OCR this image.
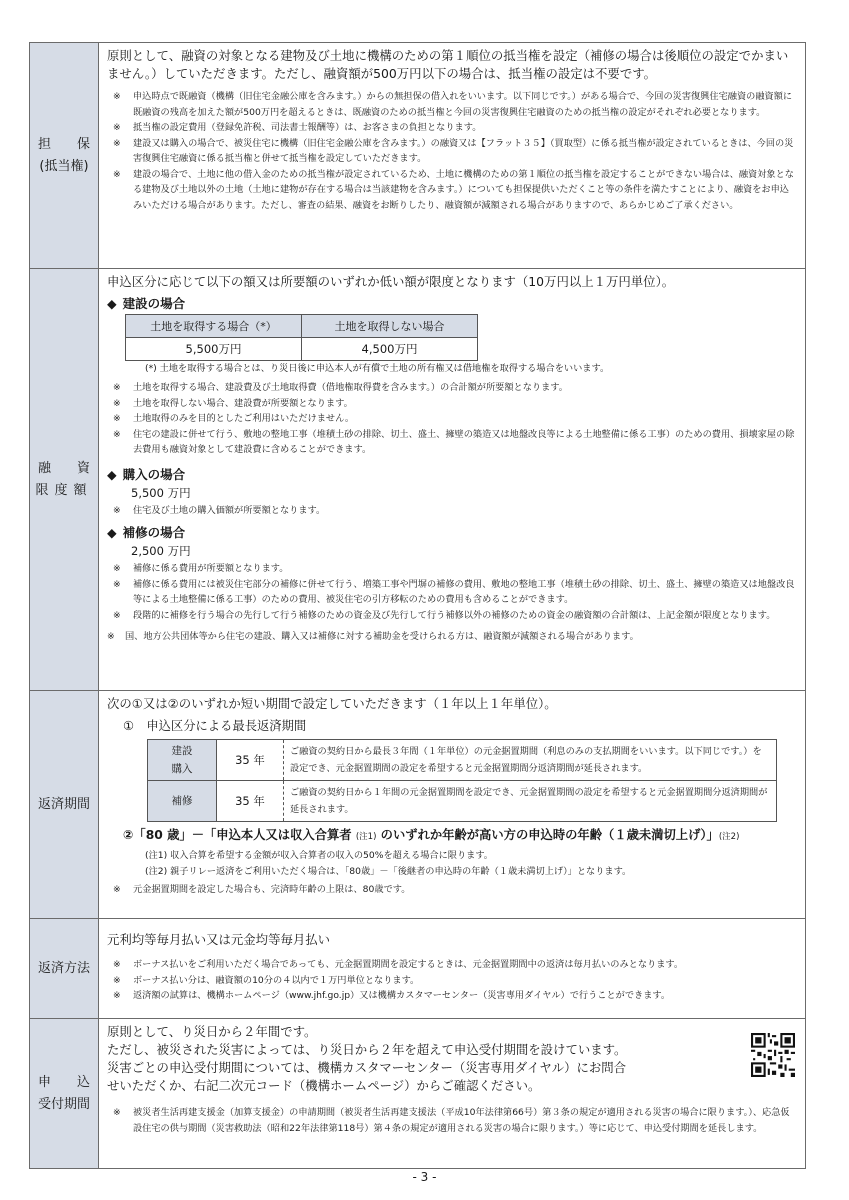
担 保
(抵当権)

原則として、融資の対象となる建物及び土地に機構のための第１順位の抵当権を設定（補修の場合は後順位の設定でかまいません。）していただきます。ただし、融資額が500万円以下の場合は、抵当権の設定は不要です。

※ 申込時点で既融資（機構（旧住宅金融公庫を含みます。）からの無担保の借入れをいいます。以下同じです。）がある場合で、今回の災害復興住宅融資の融資額に既融資の残高を加えた額が500万円を超えるときは、既融資のための抵当権と今回の災害復興住宅融資のための抵当権の設定がそれぞれ必要となります。

※ 抵当権の設定費用（登録免許税、司法書士報酬等）は、お客さまの負担となります。

※ 建設又は購入の場合で、被災住宅に機構（旧住宅金融公庫を含みます。）の融資又は【フラット３５】（買取型）に係る抵当権が設定されているときは、今回の災害復興住宅融資に係る抵当権と併せて抵当権を設定していただきます。

※ 建設の場合で、土地に他の借入金のための抵当権が設定されているため、土地に機構のための第１順位の抵当権を設定することができない場合は、融資対象となる建物及び土地以外の土地（土地に建物が存在する場合は当該建物を含みます。）についても担保提供いただくこと等の条件を満たすことにより、融資をお申込みいただける場合があります。ただし、審査の結果、融資をお断りしたり、融資額が減額される場合がありますので、あらかじめご了承ください。

融 資
限度額

申込区分に応じて以下の額又は所要額のいずれか低い額が限度となります（10万円以上１万円単位）。

◆ 建設の場合

土地を取得する場合（*）	土地を取得しない場合
5,500万円	4,500万円

(*) 土地を取得する場合とは、り災日後に申込本人が有償で土地の所有権又は借地権を取得する場合をいいます。

※ 土地を取得する場合、建設費及び土地取得費（借地権取得費を含みます。）の合計額が所要額となります。

※ 土地を取得しない場合、建設費が所要額となります。

※ 土地取得のみを目的としたご利用はいただけません。

※ 住宅の建設に併せて行う、敷地の整地工事（堆積土砂の排除、切土、盛土、擁壁の築造又は地盤改良等による土地整備に係る工事）のための費用、損壊家屋の除去費用も融資対象として建設費に含めることができます。

◆ 購入の場合

5,500 万円

※ 住宅及び土地の購入価額が所要額となります。

◆ 補修の場合

2,500 万円

※ 補修に係る費用が所要額となります。

※ 補修に係る費用には被災住宅部分の補修に併せて行う、増築工事や門塀の補修の費用、敷地の整地工事（堆積土砂の排除、切土、盛土、擁壁の築造又は地盤改良等による土地整備に係る工事）のための費用、被災住宅の引方移転のための費用も含めることができます。

※ 段階的に補修を行う場合の先行して行う補修のための資金及び先行して行う補修以外の補修のための資金の融資額の合計額は、上記金額が限度となります。

※ 国、地方公共団体等から住宅の建設、購入又は補修に対する補助金を受けられる方は、融資額が減額される場合があります。

返済期間	

次の①又は②のいずれか短い期間で設定していただきます（１年以上１年単位）。

①　申込区分による最長返済期間

建設
購入
	35 年	ご融資の契約日から最長３年間（１年単位）の元金据置期間（利息のみの支払期間をいいます。以下同じです。）を設定でき、元金据置期間の設定を希望すると元金据置期間分返済期間が延長されます。

補修	35 年	ご融資の契約日から１年間の元金据置期間を設定でき、元金据置期間の設定を希望すると元金据置期間分返済期間が延長されます。

②「80 歳」－「申込本人又は収入合算者 (注1) のいずれか年齢が高い方の申込時の年齢（１歳未満切上げ）」(注2)

(注1) 収入合算を希望する金額が収入合算者の収入の50%を超える場合に限ります。

(注2) 親子リレー返済をご利用いただく場合は、「80歳」－「後継者の申込時の年齢（１歳未満切上げ）」となります。

※ 元金据置期間を設定した場合も、完済時年齢の上限は、80歳です。

返済方法	

元利均等毎月払い又は元金均等毎月払い

※ ボーナス払いをご利用いただく場合であっても、元金据置期間を設定するときは、元金据置期間中の返済は毎月払いのみとなります。

※ ボーナス払い分は、融資額の10分の４以内で１万円単位となります。

※ 返済額の試算は、機構ホームページ（www.jhf.go.jp）又は機構カスタマーセンター（災害専用ダイヤル）で行うことができます。

申 込
受付期間

原則として、り災日から２年間です。

ただし、被災された災害によっては、り災日から２年を超えて申込受付期間を設けています。

災害ごとの申込受付期間については、機構カスタマーセンター（災害専用ダイヤル）にお問合

せいただくか、右記二次元コード（機構ホームページ）からご確認ください。

※ 被災者生活再建支援金（加算支援金）の申請期間（被災者生活再建支援法（平成10年法律第66号）第３条の規定が適用される災害の場合に限ります。）、応急仮設住宅の供与期間（災害救助法（昭和22年法律第118号）第４条の規定が適用される災害の場合に限ります。）等に応じて、申込受付期間を延長します。

- 3 -
